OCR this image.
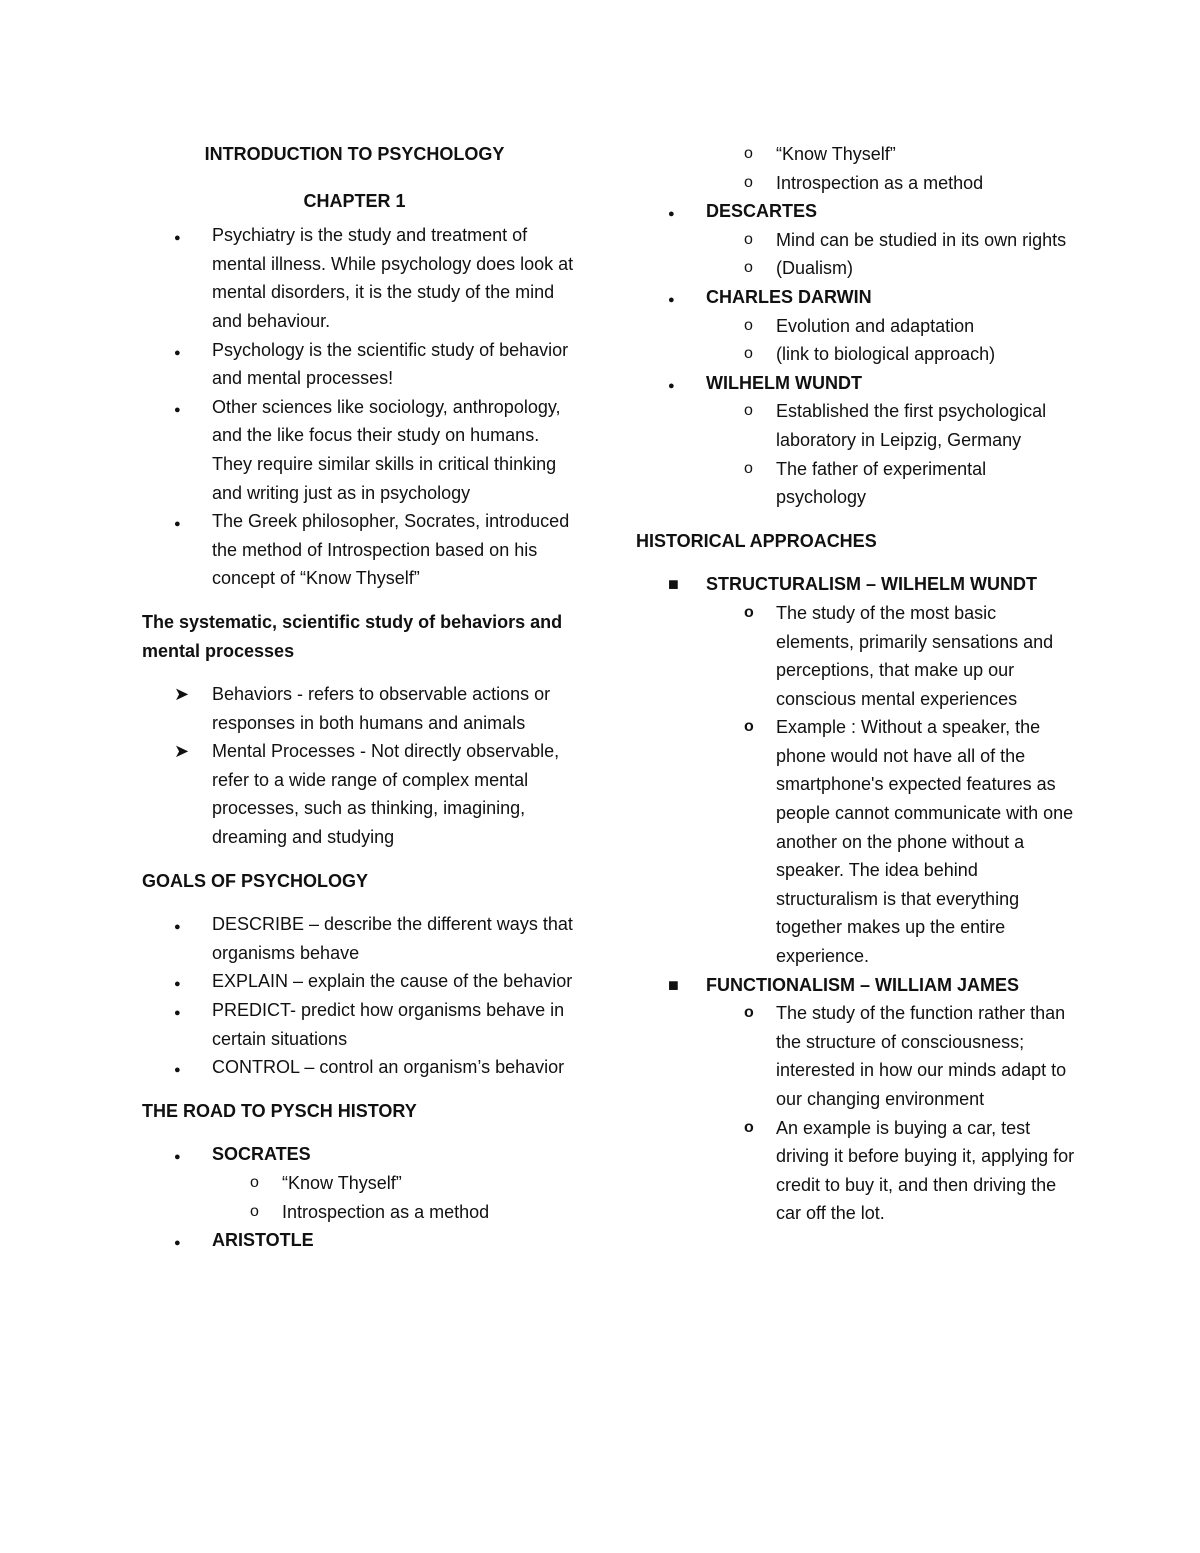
INTRODUCTION TO PSYCHOLOGY

CHAPTER 1

●
Psychiatry is the study and treatment of mental illness. While psychology does look at mental disorders, it is the study of the mind and behaviour.

●
Psychology is the scientific study of behavior and mental processes!

●
Other sciences like sociology, anthropology, and the like focus their study on humans. They require similar skills in critical thinking and writing just as in psychology

●
The Greek philosopher, Socrates, introduced the method of Introspection based on his concept of “Know Thyself”

The systematic, scientific study of behaviors and mental processes

➤ Behaviors - refers to observable actions or responses in both humans and animals

➤ Mental Processes - Not directly observable, refer to a wide range of complex mental processes, such as thinking, imagining, dreaming and studying

GOALS OF PSYCHOLOGY

●
DESCRIBE – describe the different ways that organisms behave

●
EXPLAIN – explain the cause of the behavior

●
PREDICT- predict how organisms behave in certain situations

●
CONTROL – control an organism’s behavior

THE ROAD TO PYSCH HISTORY

●
SOCRATES

o “Know Thyself”

o Introspection as a method

●
ARISTOTLE

o “Know Thyself”

o Introspection as a method

●
DESCARTES

o Mind can be studied in its own rights

o (Dualism)

●
CHARLES DARWIN

o Evolution and adaptation

o (link to biological approach)

●
WILHELM WUNDT

o Established the first psychological laboratory in Leipzig, Germany

o The father of experimental psychology

HISTORICAL APPROACHES

■
STRUCTURALISM – WILHELM WUNDT

o The study of the most basic elements, primarily sensations and perceptions, that make up our conscious mental experiences

o Example : Without a speaker, the phone would not have all of the smartphone's expected features as people cannot communicate with one another on the phone without a speaker. The idea behind structuralism is that everything together makes up the entire experience.

■
FUNCTIONALISM – WILLIAM JAMES

o The study of the function rather than the structure of consciousness; interested in how our minds adapt to our changing environment

o An example is buying a car, test driving it before buying it, applying for credit to buy it, and then driving the car off the lot.
